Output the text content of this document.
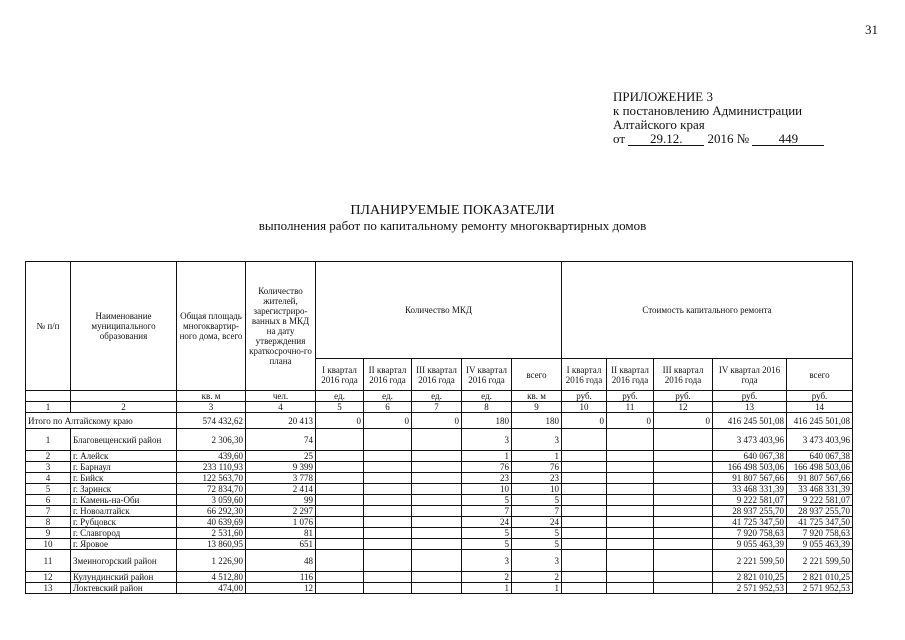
31
ПРИЛОЖЕНИЕ 3
к постановлению Администрации
Алтайского края
от 29.12. 2016 № 449
ПЛАНИРУЕМЫЕ ПОКАЗАТЕЛИ
выполнения работ по капитальному ремонту многоквартирных домов
№ п/п	Наименование муниципального образования	Общая площадь многоквартир-ного дома, всего	Количество жителей, зарегистриро-ванных в МКД на дату утверждения краткосрочно-го плана	Количество МКД					Стоимость капитального ремонта				
				I квартал 2016 года	II квартал 2016 года	III квартал 2016 года	IV квартал 2016 года	всего	I квартал 2016 года	II квартал 2016 года	III квартал 2016 года	IV квартал 2016 года	всего
		кв. м	чел.	ед.	ед.	ед.	ед.	кв. м	руб.	руб.	руб.	руб.	руб.
1	2	3	4	5	6	7	8	9	10	11	12	13	14
Итого по Алтайскому краю		574 432,62	20 413	0	0	0	180	180	0	0	0	416 245 501,08	416 245 501,08
1	Благовещенский район	2 306,30	74				3	3				3 473 403,96	3 473 403,96
2	г. Алейск	439,60	25				1	1				640 067,38	640 067,38
3	г. Барнаул	233 110,93	9 399				76	76				166 498 503,06	166 498 503,06
4	г. Бийск	122 563,70	3 778				23	23				91 807 567,66	91 807 567,66
5	г. Заринск	72 834,70	2 414				10	10				33 468 331,39	33 468 331,39
6	г. Камень-на-Оби	3 059,60	99				5	5				9 222 581,07	9 222 581,07
7	г. Новоалтайск	66 292,30	2 297				7	7				28 937 255,70	28 937 255,70
8	г. Рубцовск	40 639,69	1 076				24	24				41 725 347,50	41 725 347,50
9	г. Славгород	2 531,60	81				5	5				7 920 758,63	7 920 758,63
10	г. Яровое	13 860,95	651				5	5				9 055 463,39	9 055 463,39
11	Змеиногорский район	1 226,90	48				3	3				2 221 599,50	2 221 599,50
12	Кулундинский район	4 512,80	116				2	2				2 821 010,25	2 821 010,25
13	Локтевский район	474,00	12				1	1				2 571 952,53	2 571 952,53
